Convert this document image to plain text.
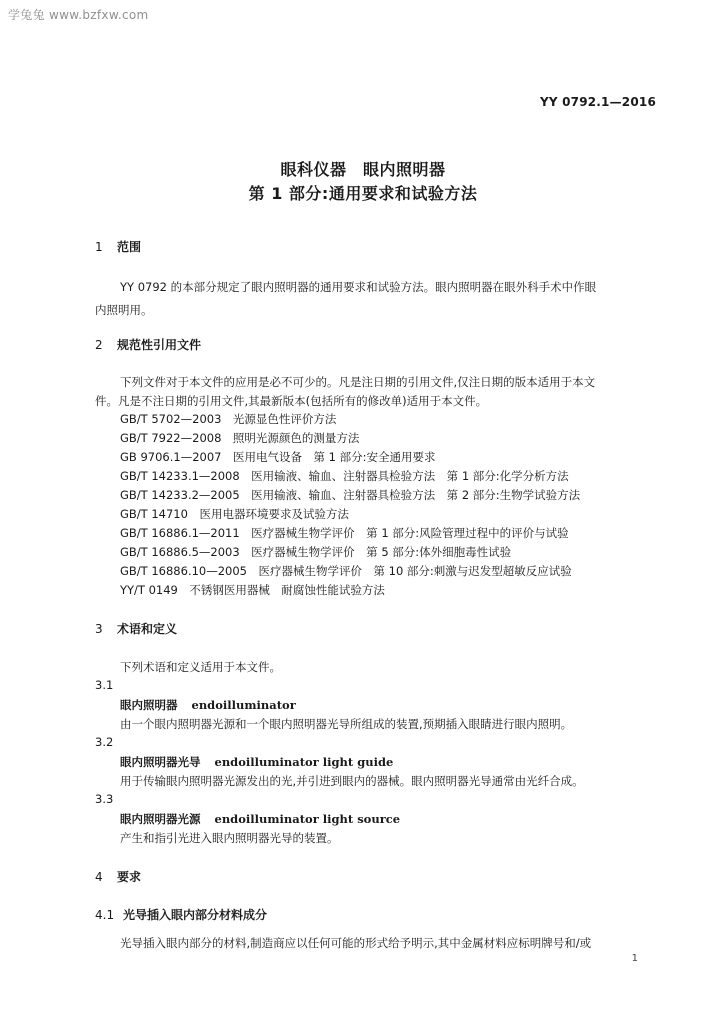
学兔兔 www.bzfxw.com
YY 0792.1—2016
眼科仪器　眼内照明器
第 1 部分:通用要求和试验方法
1 范围
YY 0792 的本部分规定了眼内照明器的通用要求和试验方法。眼内照明器在眼外科手术中作眼
内照明用。
2 规范性引用文件
下列文件对于本文件的应用是必不可少的。凡是注日期的引用文件,仅注日期的版本适用于本文
件。凡是不注日期的引用文件,其最新版本(包括所有的修改单)适用于本文件。
GB/T 5702—2003　光源显色性评价方法
GB/T 7922—2008　照明光源颜色的测量方法
GB 9706.1—2007　医用电气设备　第 1 部分:安全通用要求
GB/T 14233.1—2008　医用输液、输血、注射器具检验方法　第 1 部分:化学分析方法
GB/T 14233.2—2005　医用输液、输血、注射器具检验方法　第 2 部分:生物学试验方法
GB/T 14710　医用电器环境要求及试验方法
GB/T 16886.1—2011　医疗器械生物学评价　第 1 部分:风险管理过程中的评价与试验
GB/T 16886.5—2003　医疗器械生物学评价　第 5 部分:体外细胞毒性试验
GB/T 16886.10—2005　医疗器械生物学评价　第 10 部分:刺激与迟发型超敏反应试验
YY/T 0149　不锈钢医用器械　耐腐蚀性能试验方法
3 术语和定义
下列术语和定义适用于本文件。
3.1
眼内照明器 endoilluminator
由一个眼内照明器光源和一个眼内照明器光导所组成的装置,预期插入眼睛进行眼内照明。
3.2
眼内照明器光导 endoilluminator light guide
用于传输眼内照明器光源发出的光,并引进到眼内的器械。眼内照明器光导通常由光纤合成。
3.3
眼内照明器光源 endoilluminator light source
产生和指引光进入眼内照明器光导的装置。
4 要求
4.1 光导插入眼内部分材料成分
光导插入眼内部分的材料,制造商应以任何可能的形式给予明示,其中金属材料应标明牌号和/或
1
